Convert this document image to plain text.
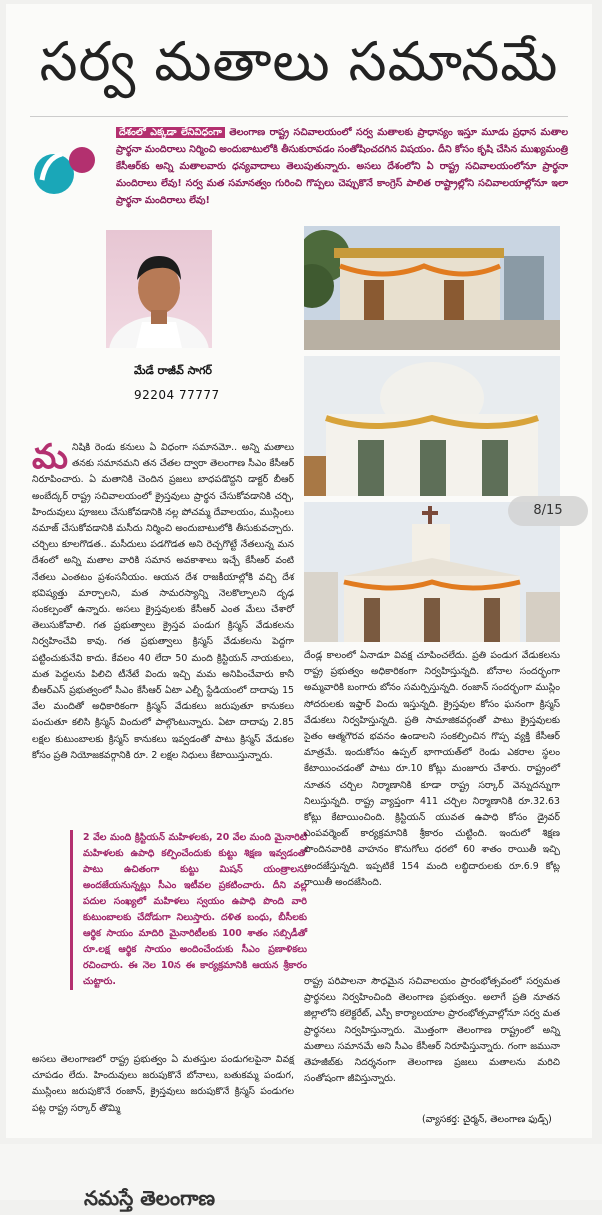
సర్వ మతాలు సమానమే
దేశంలో ఎక్కడా లేనివిధంగా తెలంగాణ రాష్ట్ర సచివాలయంలో సర్వ మతాలకు ప్రాధాన్యం ఇస్తూ మూడు ప్రధాన మతాల ప్రార్థనా మందిరాలు నిర్మించి అందుబాటులోకి తీసుకురావడం సంతోషించదగిన విషయం. దీని కోసం కృషి చేసిన ముఖ్యమంత్రి కేసీఆర్‌కు అన్ని మతాలవారు ధన్యవాదాలు తెలుపుతున్నారు. అసలు దేశంలోని ఏ రాష్ట్ర సచివాలయంలోనూ ప్రార్థనా మందిరాలు లేవు! సర్వ మత సమానత్వం గురించి గొప్పలు చెప్పుకొనే కాంగ్రెస్ పాలిత రాష్ట్రాల్లోని సచివాలయాల్లోనూ ఇలా ప్రార్థనా మందిరాలు లేవు!
మేడే రాజీవ్ సాగర్
92204 77777
మనిషికి రెండు కనులు ఏ విధంగా సమానమో.. అన్ని మతాలు తనకు సమానమని తన చేతల ద్వారా తెలంగాణ సీఎం కేసీఆర్ నిరూపించారు. ఏ మతానికి చెందిన ప్రజలు బాధపడొద్దని డాక్టర్ బీఆర్ అంబేద్కర్ రాష్ట్ర సచివాలయంలో క్రైస్తవులు ప్రార్థన చేసుకోవడానికి చర్చి, హిందువులు పూజలు చేసుకోవడానికి నల్ల పోచమ్మ దేవాలయం, ముస్లింలు నమాజ్ చేసుకోవడానికి మసీదు నిర్మించి అందుబాటులోకి తీసుకువచ్చారు. చర్చిలు కూలగొడత.. మసీదులు పడగొడత అని రెచ్చగొట్టే నేతలున్న మన దేశంలో అన్ని మతాల వారికి సమాన అవకాశాలు ఇచ్చే కేసీఆర్ వంటి నేతలు ఎంతటం ప్రశంసనీయం. ఆయన దేశ రాజకీయాల్లోకి వచ్చి దేశ భవిష్యత్తు మార్చాలని, మత సామరస్యాన్ని నెలకొల్పాలని దృఢ సంకల్పంతో ఉన్నారు. అసలు క్రైస్తవులకు కేసీఆర్ ఎంత మేలు చేశారో తెలుసుకోవాలి. గత ప్రభుత్వాలు క్రైస్తవ పండుగ క్రిస్మస్ వేడుకలను నిర్వహించేవి కావు. గత ప్రభుత్వాలు క్రిస్మస్ వేడుకలను పెద్దగా పట్టించుకునేవి కాదు. కేవలం 40 లేదా 50 మంది క్రిస్టియన్ నాయకులు, మత పెద్దలను పిలిచి టీనేటే విందు ఇచ్చి మమ అనిపించేవారు కానీ బీఆర్ఎస్ ప్రభుత్వంలో సీఎం కేసీఆర్ ఏటా ఎల్బీ స్టేడియంలో దాదాపు 15 వేల మందితో అధికారికంగా క్రిస్మస్ వేడుకలు జరుపుతూ కానుకలు పంచుతూ కలిసి క్రిస్మస్ విందులో పాల్గొంటున్నారు. ఏటా దాదాపు 2.85 లక్షల కుటుంబాలకు క్రిస్మస్ కానుకలు ఇవ్వడంతో పాటు క్రిస్మస్ వేడుకల కోసం ప్రతి నియోజకవర్గానికి రూ. 2 లక్షల నిధులు కేటాయిస్తున్నారు.
2 వేల మంది క్రిస్టియన్ మహిళలకు, 20 వేల మంది మైనారిటీ మహిళలకు ఉపాధి కల్పించేందుకు కుట్టు శిక్షణ ఇవ్వడంతో పాటు ఉచితంగా కుట్టు మిషన్ యంత్రాలను అందజేయనున్నట్లు సీఎం ఇటీవల ప్రకటించారు. దీని వల్ల పదుల సంఖ్యలో మహిళలు స్వయం ఉపాధి పొంది వారి కుటుంబాలకు చేదోడుగా నిలుస్తారు. దళిత బంధు, బీసీలకు ఆర్థిక సాయం మాదిరి మైనారిటీలకు 100 శాతం సబ్సిడీతో రూ.లక్ష ఆర్థిక సాయం అందించేందుకు సీఎం ప్రణాళికలు రచించారు. ఈ నెల 10న ఈ కార్యక్రమానికి ఆయన శ్రీకారం చుట్టారు.
అసలు తెలంగాణలో రాష్ట్ర ప్రభుత్వం ఏ మతస్తుల పండుగలపైనా వివక్ష చూపడం లేదు. హిందువులు జరుపుకొనే బోనాలు, బతుకమ్మ పండుగ, ముస్లింలు జరుపుకొనే రంజాన్, క్రైస్తవులు జరుపుకొనే క్రిస్మస్ పండుగల పట్ల రాష్ట్ర సర్కార్ తొమ్మి
దేండ్ల కాలంలో ఏనాడూ వివక్ష చూపించలేదు. ప్రతి పండుగ వేడుకలను రాష్ట్ర ప్రభుత్వం అధికారికంగా నిర్వహిస్తున్నది. బోనాల సందర్భంగా అమ్మవారికి బంగారు బోనం సమర్పిస్తున్నది. రంజాన్ సందర్భంగా ముస్లిం సోదరులకు ఇఫ్తార్ విందు ఇస్తున్నది. క్రైస్తవుల కోసం ఘనంగా క్రిస్మస్ వేడుకలు నిర్వహిస్తున్నది. ప్రతి సామాజికవర్గంతో పాటు క్రైస్తవులకు సైతం ఆత్మగౌరవ భవనం ఉండాలని సంకల్పించిన గొప్ప వ్యక్తి కేసీఆర్ మాత్రమే. ఇందుకోసం ఉప్పల్ భాగాయత్‌లో రెండు ఎకరాల స్థలం కేటాయించడంతో పాటు రూ.10 కోట్లు మంజూరు చేశారు. రాష్ట్రంలో నూతన చర్చిల నిర్మాణానికి కూడా రాష్ట్ర సర్కార్ వెన్నుదన్నుగా నిలుస్తున్నది. రాష్ట్ర వ్యాప్తంగా 411 చర్చిల నిర్మాణానికి రూ.32.63 కోట్లు కేటాయించింది. క్రిస్టియన్ యువత ఉపాధి కోసం డ్రైవర్ ఎంపవర్మెంట్ కార్యక్రమానికి శ్రీకారం చుట్టింది. ఇందులో శిక్షణ పొందినవారికి వాహనం కొనుగోలు ధరలో 60 శాతం రాయితీ ఇచ్చి అందజేస్తున్నది. ఇప్పటికే 154 మంది లబ్ధిదారులకు రూ.6.9 కోట్ల రాయితీ అందజేసింది.
రాష్ట్ర పరిపాలనా సౌధమైన సచివాలయం ప్రారంభోత్సవంలో సర్వమత ప్రార్థనలు నిర్వహించింది తెలంగాణ ప్రభుత్వం. అలాగే ప్రతి నూతన జిల్లాలోని కలెక్టరేట్, ఎస్పీ కార్యాలయాల ప్రారంభోత్సవాల్లోనూ సర్వ మత ప్రార్థనలు నిర్వహిస్తున్నారు. మొత్తంగా తెలంగాణ రాష్ట్రంలో అన్ని మతాలు సమానమే అని సీఎం కేసీఆర్ నిరూపిస్తున్నారు. గంగా జమునా తెహజీబ్‌కు నిదర్శనంగా తెలంగాణ ప్రజలు మతాలను మరిచి సంతోషంగా జీవిస్తున్నారు.
(వ్యాసకర్త: చైర్మన్, తెలంగాణ ఫుడ్స్)
8/15
నమస్తే తెలంగాణ
